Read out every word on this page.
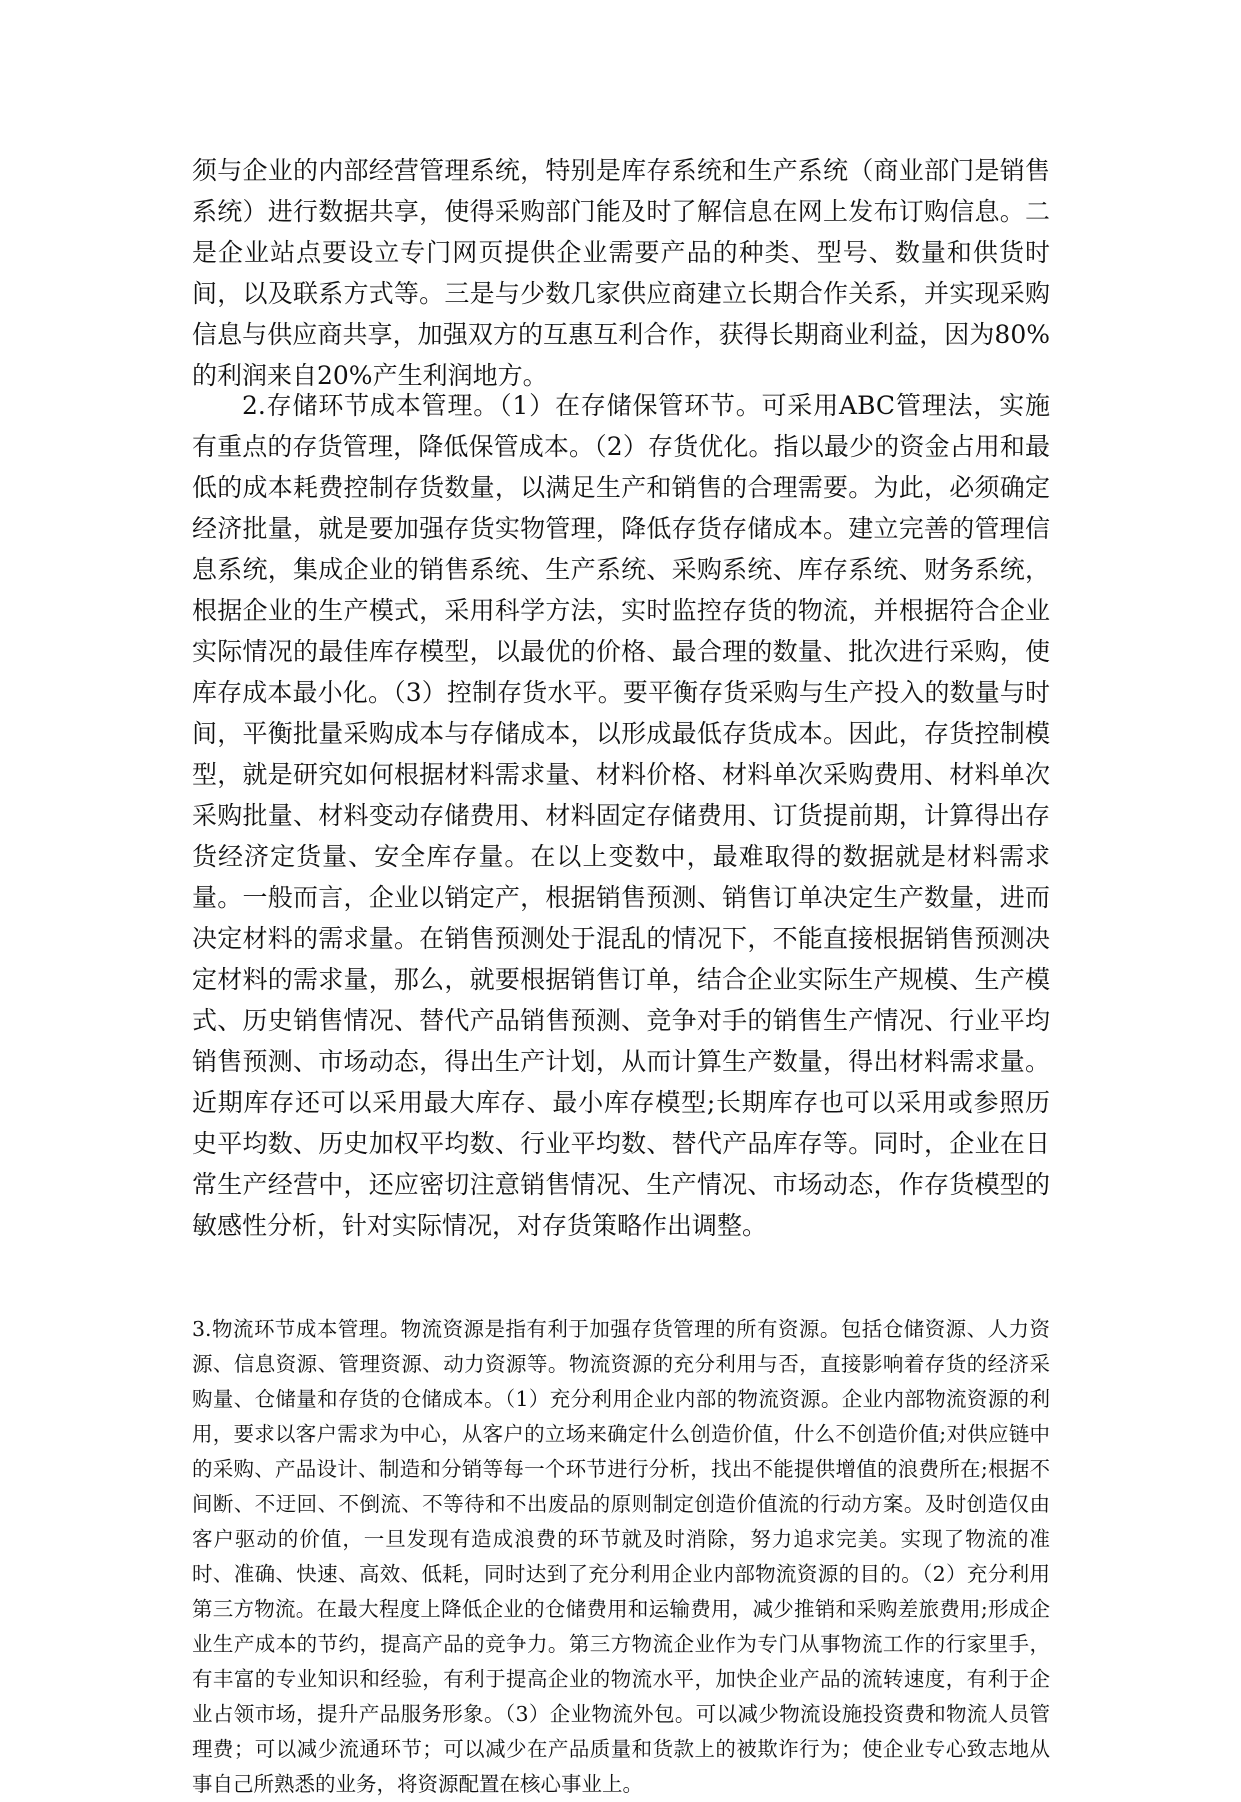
须与企业的内部经营管理系统，特别是库存系统和生产系统（商业部门是销售系统）进行数据共享，使得采购部门能及时了解信息在网上发布订购信息。二是企业站点要设立专门网页提供企业需要产品的种类、型号、数量和供货时间，以及联系方式等。三是与少数几家供应商建立长期合作关系，并实现采购信息与供应商共享，加强双方的互惠互利合作，获得长期商业利益，因为80%的利润来自20%产生利润地方。

2.存储环节成本管理。（1）在存储保管环节。可采用ABC管理法，实施有重点的存货管理，降低保管成本。（2）存货优化。指以最少的资金占用和最低的成本耗费控制存货数量，以满足生产和销售的合理需要。为此，必须确定经济批量，就是要加强存货实物管理，降低存货存储成本。建立完善的管理信息系统，集成企业的销售系统、生产系统、采购系统、库存系统、财务系统，根据企业的生产模式，采用科学方法，实时监控存货的物流，并根据符合企业实际情况的最佳库存模型，以最优的价格、最合理的数量、批次进行采购，使库存成本最小化。（3）控制存货水平。要平衡存货采购与生产投入的数量与时间，平衡批量采购成本与存储成本，以形成最低存货成本。因此，存货控制模型，就是研究如何根据材料需求量、材料价格、材料单次采购费用、材料单次采购批量、材料变动存储费用、材料固定存储费用、订货提前期，计算得出存货经济定货量、安全库存量。在以上变数中，最难取得的数据就是材料需求量。一般而言，企业以销定产，根据销售预测、销售订单决定生产数量，进而决定材料的需求量。在销售预测处于混乱的情况下，不能直接根据销售预测决定材料的需求量，那么，就要根据销售订单，结合企业实际生产规模、生产模式、历史销售情况、替代产品销售预测、竞争对手的销售生产情况、行业平均销售预测、市场动态，得出生产计划，从而计算生产数量，得出材料需求量。近期库存还可以采用最大库存、最小库存模型;长期库存也可以采用或参照历史平均数、历史加权平均数、行业平均数、替代产品库存等。同时，企业在日常生产经营中，还应密切注意销售情况、生产情况、市场动态，作存货模型的敏感性分析，针对实际情况，对存货策略作出调整。

3.物流环节成本管理。物流资源是指有利于加强存货管理的所有资源。包括仓储资源、人力资源、信息资源、管理资源、动力资源等。物流资源的充分利用与否，直接影响着存货的经济采购量、仓储量和存货的仓储成本。（1）充分利用企业内部的物流资源。企业内部物流资源的利用，要求以客户需求为中心，从客户的立场来确定什么创造价值，什么不创造价值;对供应链中的采购、产品设计、制造和分销等每一个环节进行分析，找出不能提供增值的浪费所在;根据不间断、不迂回、不倒流、不等待和不出废品的原则制定创造价值流的行动方案。及时创造仅由客户驱动的价值，一旦发现有造成浪费的环节就及时消除，努力追求完美。实现了物流的准时、准确、快速、高效、低耗，同时达到了充分利用企业内部物流资源的目的。（2）充分利用第三方物流。在最大程度上降低企业的仓储费用和运输费用，减少推销和采购差旅费用;形成企业生产成本的节约，提高产品的竞争力。第三方物流企业作为专门从事物流工作的行家里手，有丰富的专业知识和经验，有利于提高企业的物流水平，加快企业产品的流转速度，有利于企业占领市场，提升产品服务形象。（3）企业物流外包。可以减少物流设施投资费和物流人员管理费；可以减少流通环节；可以减少在产品质量和货款上的被欺诈行为；使企业专心致志地从事自己所熟悉的业务，将资源配置在核心事业上。
